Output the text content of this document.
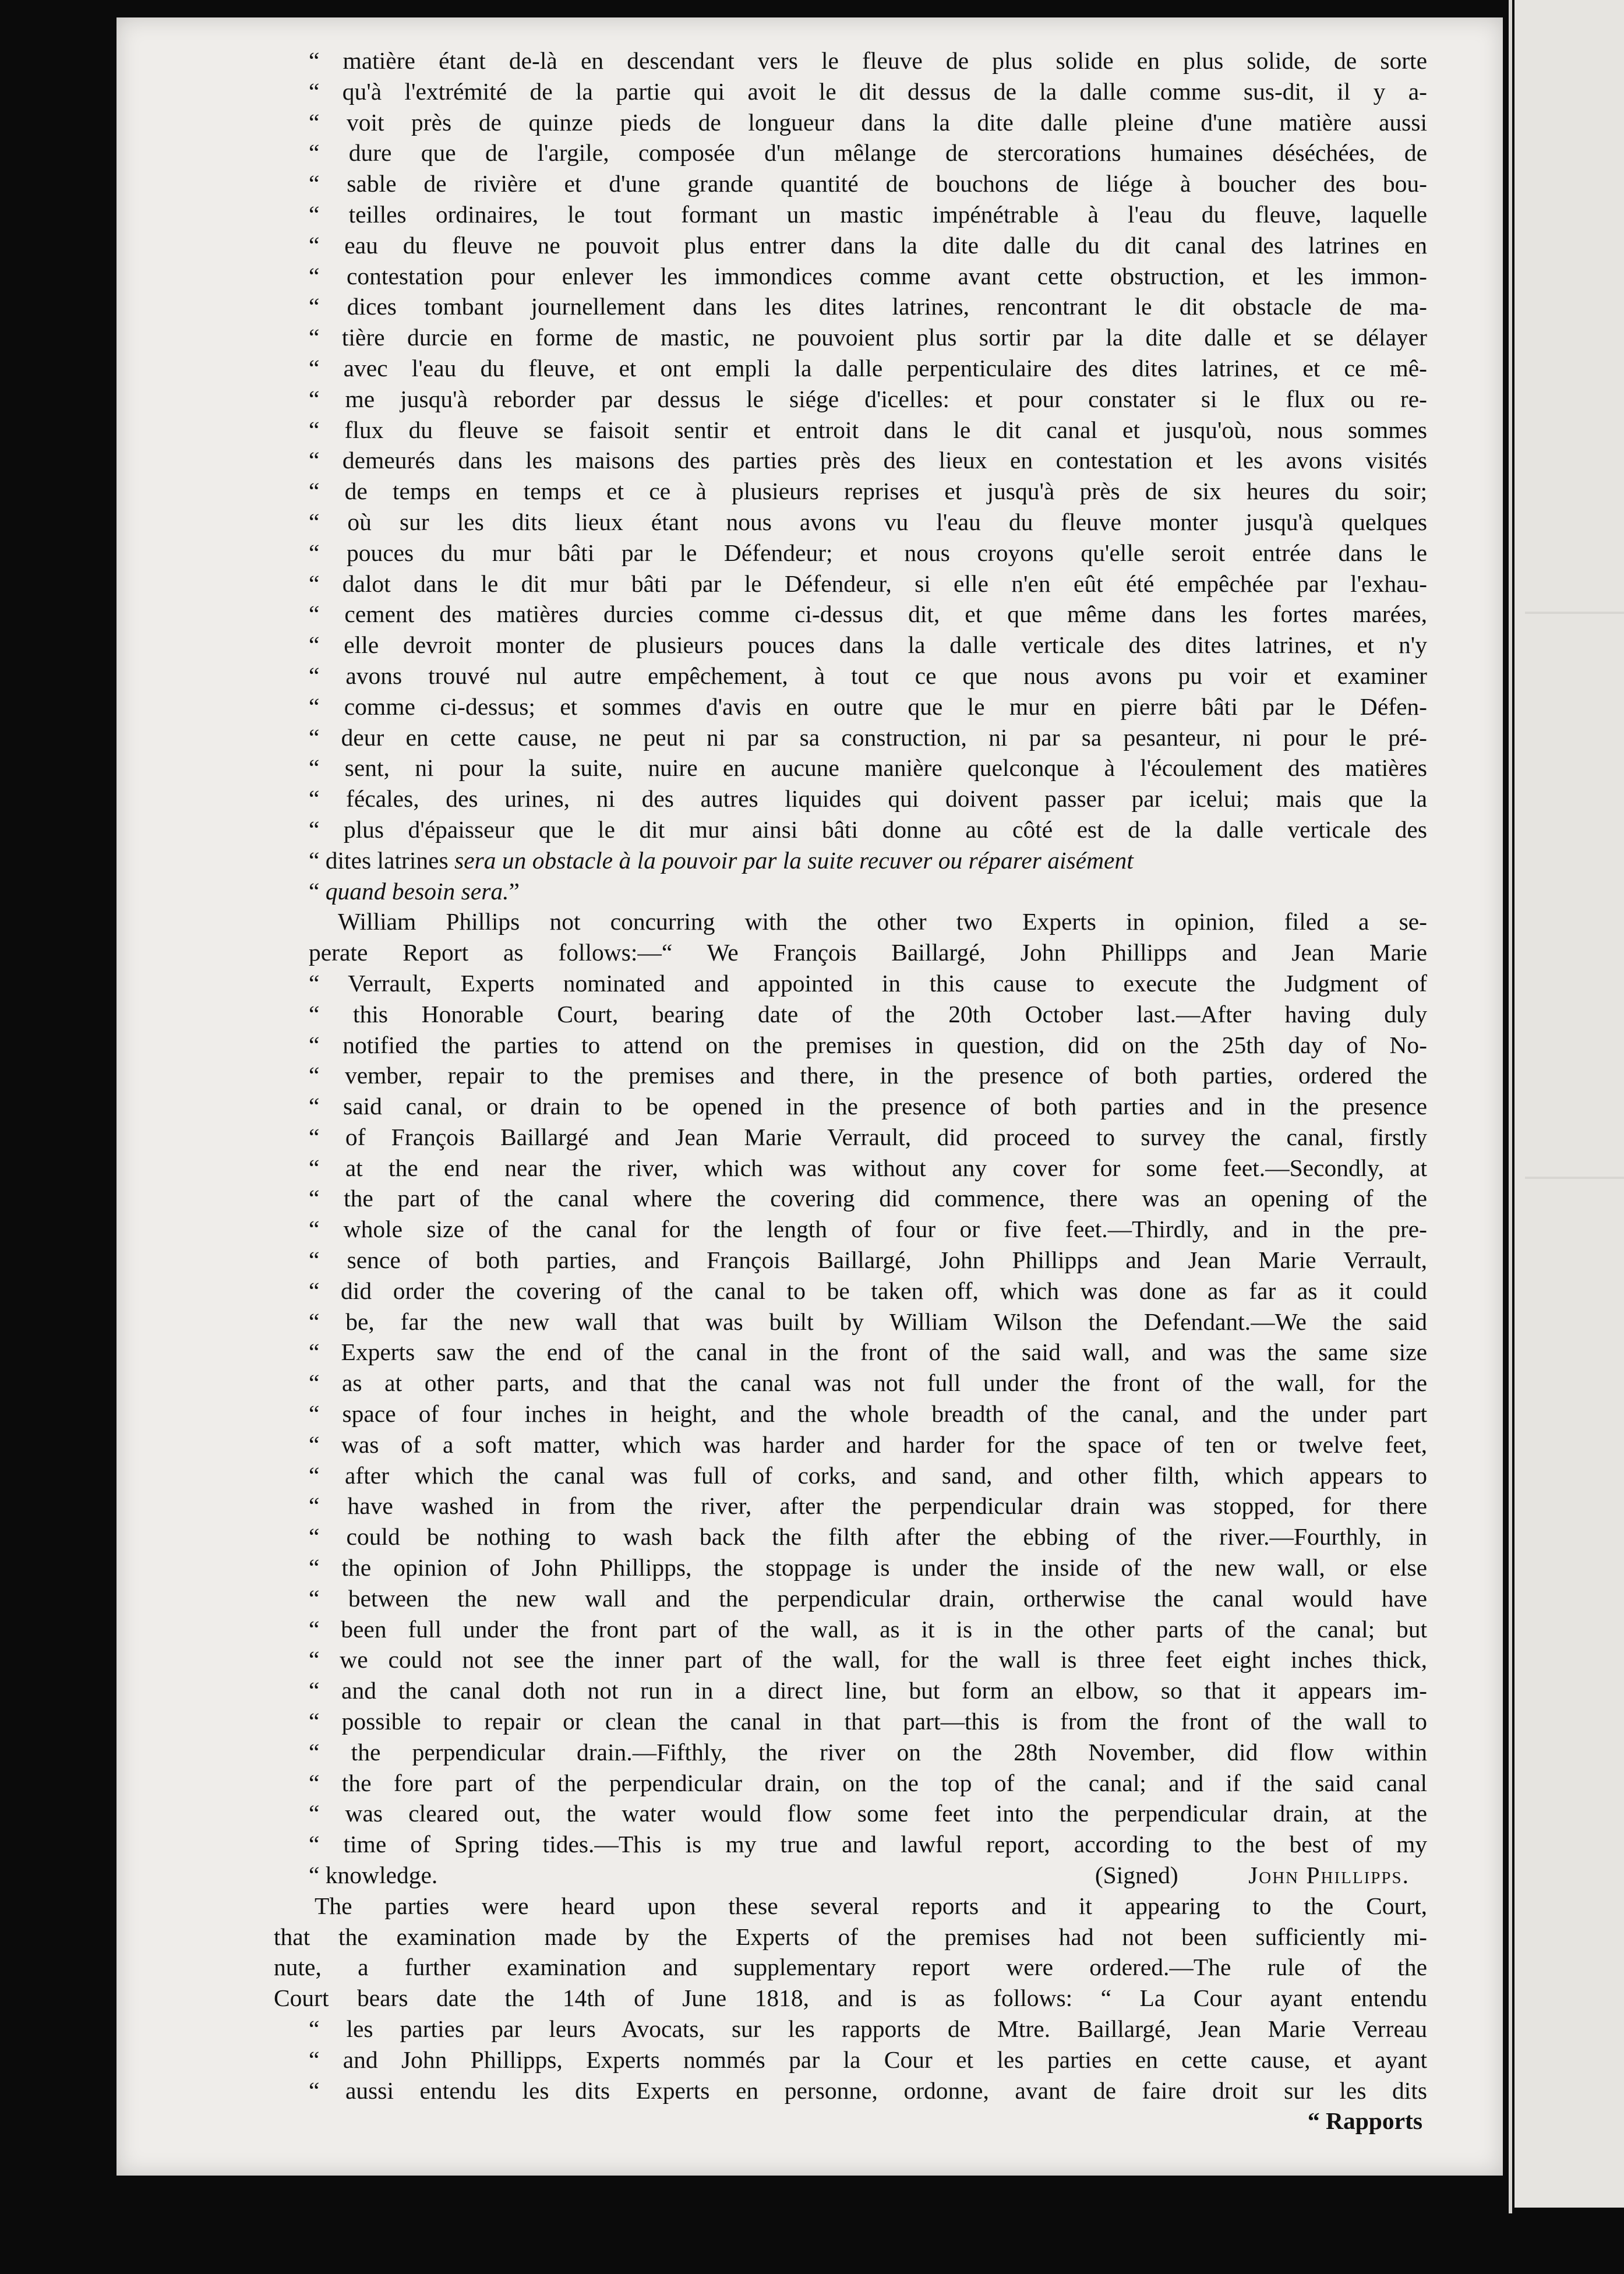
“ matière étant de-là en descendant vers le fleuve de plus solide en plus solide, de sorte
“ qu'à l'extrémité de la partie qui avoit le dit dessus de la dalle comme sus-dit, il y a-
“ voit près de quinze pieds de longueur dans la dite dalle pleine d'une matière aussi
“ dure que de l'argile, composée d'un mêlange de stercorations humaines déséchées, de
“ sable de rivière et d'une grande quantité de bouchons de liége à boucher des bou-
“ teilles ordinaires, le tout formant un mastic impénétrable à l'eau du fleuve, laquelle
“ eau du fleuve ne pouvoit plus entrer dans la dite dalle du dit canal des latrines en
“ contestation pour enlever les immondices comme avant cette obstruction, et les immon-
“ dices tombant journellement dans les dites latrines, rencontrant le dit obstacle de ma-
“ tière durcie en forme de mastic, ne pouvoient plus sortir par la dite dalle et se délayer
“ avec l'eau du fleuve, et ont empli la dalle perpenticulaire des dites latrines, et ce mê-
“ me jusqu'à reborder par dessus le siége d'icelles: et pour constater si le flux ou re-
“ flux du fleuve se faisoit sentir et entroit dans le dit canal et jusqu'où, nous sommes
“ demeurés dans les maisons des parties près des lieux en contestation et les avons visités
“ de temps en temps et ce à plusieurs reprises et jusqu'à près de six heures du soir;
“ où sur les dits lieux étant nous avons vu l'eau du fleuve monter jusqu'à quelques
“ pouces du mur bâti par le Défendeur; et nous croyons qu'elle seroit entrée dans le
“ dalot dans le dit mur bâti par le Défendeur, si elle n'en eût été empêchée par l'exhau-
“ cement des matières durcies comme ci-dessus dit, et que même dans les fortes marées,
“ elle devroit monter de plusieurs pouces dans la dalle verticale des dites latrines, et n'y
“ avons trouvé nul autre empêchement, à tout ce que nous avons pu voir et examiner
“ comme ci-dessus; et sommes d'avis en outre que le mur en pierre bâti par le Défen-
“ deur en cette cause, ne peut ni par sa construction, ni par sa pesanteur, ni pour le pré-
“ sent, ni pour la suite, nuire en aucune manière quelconque à l'écoulement des matières
“ fécales, des urines, ni des autres liquides qui doivent passer par icelui; mais que la
“ plus d'épaisseur que le dit mur ainsi bâti donne au côté est de la dalle verticale des
“ dites latrines sera un obstacle à la pouvoir par la suite recuver ou réparer aisément
“ quand besoin sera.”
William Phillips not concurring with the other two Experts in opinion, filed a se-
perate Report as follows:—“ We François Baillargé, John Phillipps and Jean Marie
“ Verrault, Experts nominated and appointed in this cause to execute the Judgment of
“ this Honorable Court, bearing date of the 20th October last.—After having duly
“ notified the parties to attend on the premises in question, did on the 25th day of No-
“ vember, repair to the premises and there, in the presence of both parties, ordered the
“ said canal, or drain to be opened in the presence of both parties and in the presence
“ of François Baillargé and Jean Marie Verrault, did proceed to survey the canal, firstly
“ at the end near the river, which was without any cover for some feet.—Secondly, at
“ the part of the canal where the covering did commence, there was an opening of the
“ whole size of the canal for the length of four or five feet.—Thirdly, and in the pre-
“ sence of both parties, and François Baillargé, John Phillipps and Jean Marie Verrault,
“ did order the covering of the canal to be taken off, which was done as far as it could
“ be, far the new wall that was built by William Wilson the Defendant.—We the said
“ Experts saw the end of the canal in the front of the said wall, and was the same size
“ as at other parts, and that the canal was not full under the front of the wall, for the
“ space of four inches in height, and the whole breadth of the canal, and the under part
“ was of a soft matter, which was harder and harder for the space of ten or twelve feet,
“ after which the canal was full of corks, and sand, and other filth, which appears to
“ have washed in from the river, after the perpendicular drain was stopped, for there
“ could be nothing to wash back the filth after the ebbing of the river.—Fourthly, in
“ the opinion of John Phillipps, the stoppage is under the inside of the new wall, or else
“ between the new wall and the perpendicular drain, ortherwise the canal would have
“ been full under the front part of the wall, as it is in the other parts of the canal; but
“ we could not see the inner part of the wall, for the wall is three feet eight inches thick,
“ and the canal doth not run in a direct line, but form an elbow, so that it appears im-
“ possible to repair or clean the canal in that part—this is from the front of the wall to
“ the perpendicular drain.—Fifthly, the river on the 28th November, did flow within
“ the fore part of the perpendicular drain, on the top of the canal; and if the said canal
“ was cleared out, the water would flow some feet into the perpendicular drain, at the
“ time of Spring tides.—This is my true and lawful report, according to the best of my
“ knowledge.	(Signed)	John Phillipps.
The parties were heard upon these several reports and it appearing to the Court,
that the examination made by the Experts of the premises had not been sufficiently mi-
nute, a further examination and supplementary report were ordered.—The rule of the
Court bears date the 14th of June 1818, and is as follows: “ La Cour ayant entendu
“ les parties par leurs Avocats, sur les rapports de Mtre. Baillargé, Jean Marie Verreau
“ and John Phillipps, Experts nommés par la Cour et les parties en cette cause, et ayant
“ aussi entendu les dits Experts en personne, ordonne, avant de faire droit sur les dits
“ Rapports
